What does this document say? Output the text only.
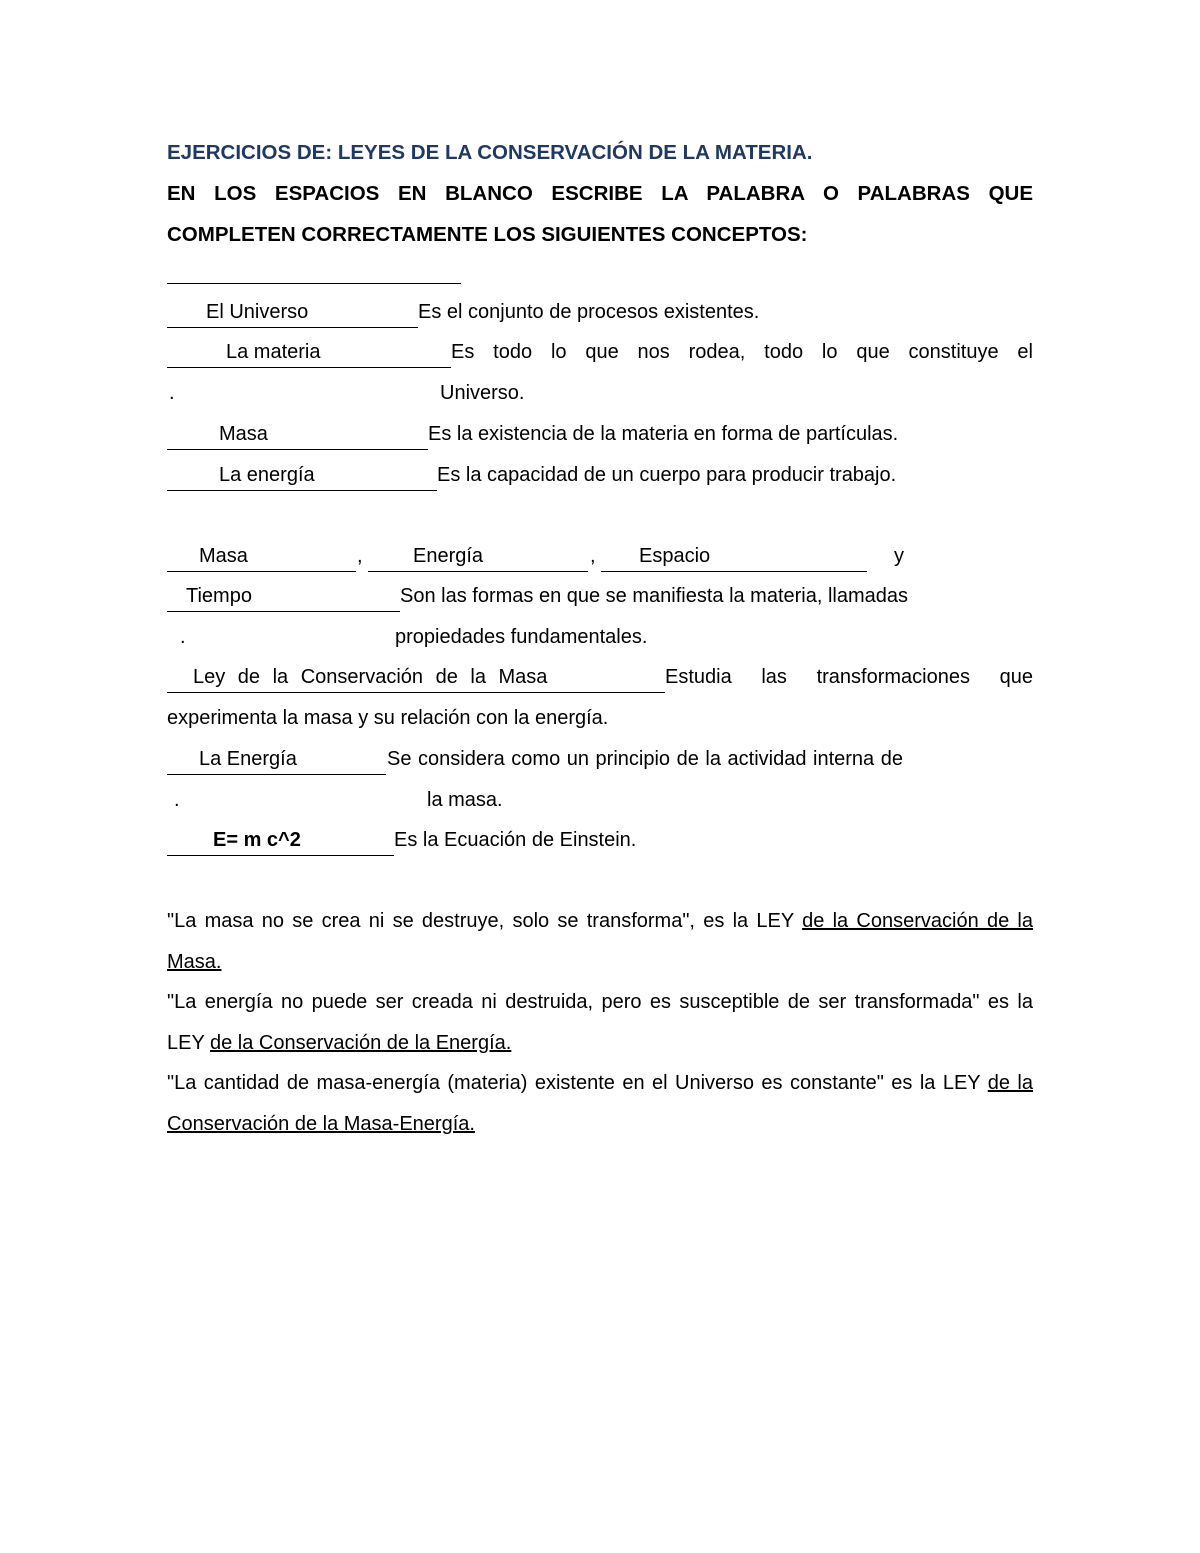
EJERCICIOS DE: LEYES DE LA CONSERVACIÓN DE LA MATERIA.
EN LOS ESPACIOS EN BLANCO ESCRIBE LA PALABRA O PALABRAS QUE
COMPLETEN CORRECTAMENTE LOS SIGUIENTES CONCEPTOS:
El Universo	Es el conjunto de procesos existentes.
La materia	Es todo lo que nos rodea, todo lo que constituye el
.	Universo.
Masa	Es la existencia de la materia en forma de partículas.
La energía	Es la capacidad de un cuerpo para producir trabajo.
Masa	,	Energía	,	Espacio	y
Tiempo	Son las formas en que se manifiesta la materia, llamadas
.	propiedades fundamentales.
Ley de la Conservación de la Masa	Estudia las transformaciones que
experimenta la masa y su relación con la energía.
La Energía	Se considera como un principio de la actividad interna de
.	la masa.
E= m c^2	Es la Ecuación de Einstein.
"La masa no se crea ni se destruye, solo se transforma", es la LEY de la Conservación de la Masa.
"La energía no puede ser creada ni destruida, pero es susceptible de ser transformada" es la LEY de la Conservación de la Energía.
"La cantidad de masa-energía (materia) existente en el Universo es constante" es la LEY de la Conservación de la Masa-Energía.
